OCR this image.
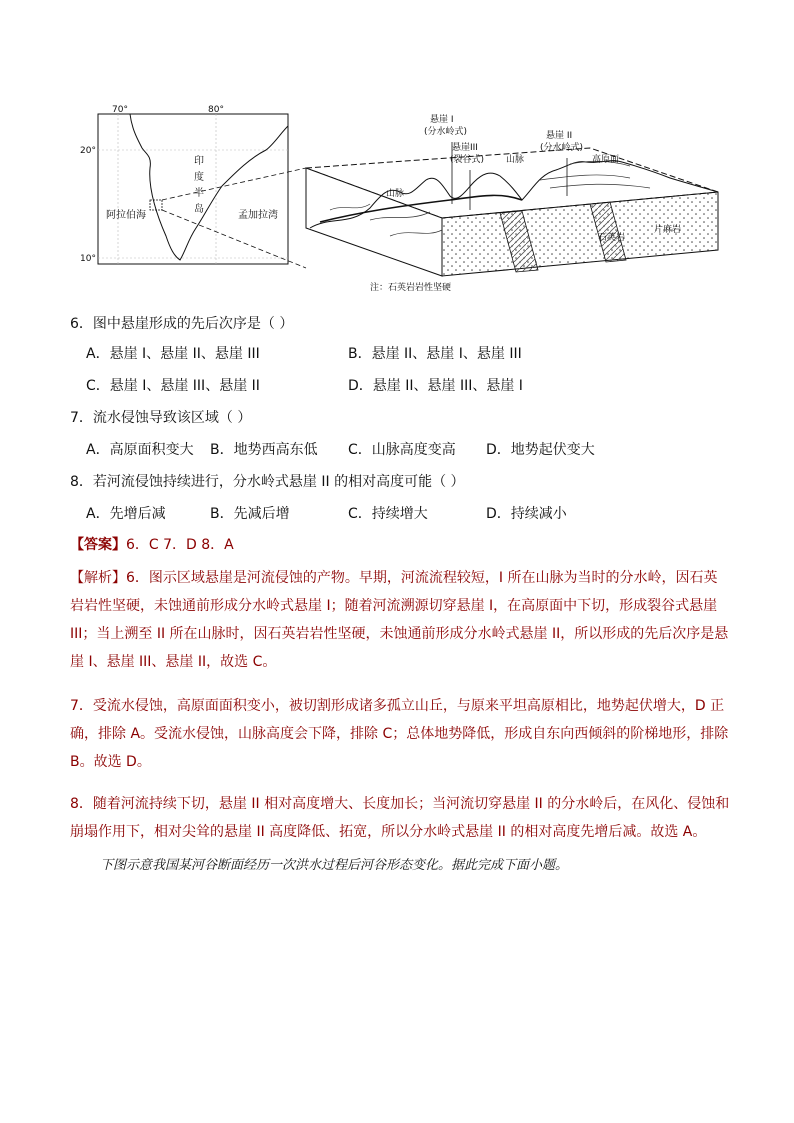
70°	80°
20°
10°
阿拉伯海	孟加拉湾
印
度
半
岛
悬崖 I
(分水岭式)
悬崖III
(裂谷式)
悬崖 II
(分水岭式)
山脉	高原面
山脉
石英岩
片麻岩
注：石英岩岩性坚硬
6．图中悬崖形成的先后次序是（ ）
A．悬崖 I、悬崖 II、悬崖 III	B．悬崖 II、悬崖 I、悬崖 III
C．悬崖 I、悬崖 III、悬崖 II	D．悬崖 II、悬崖 III、悬崖 I
7．流水侵蚀导致该区域（ ）
A．高原面积变大 B．地势西高东低 C．山脉高度变高 D．地势起伏变大
8．若河流侵蚀持续进行，分水岭式悬崖 II 的相对高度可能（ ）
A．先增后减	B．先减后增	C．持续增大	D．持续减小
【答案】6．C 7．D 8．A
【解析】6．图示区域悬崖是河流侵蚀的产物。早期，河流流程较短，I 所在山脉为当时的分水岭，因石英岩岩性坚硬，未蚀通前形成分水岭式悬崖 I；随着河流溯源切穿悬崖 I，在高原面中下切，形成裂谷式悬崖 III；当上溯至 II 所在山脉时，因石英岩岩性坚硬，未蚀通前形成分水岭式悬崖 II，所以形成的先后次序是悬崖 I、悬崖 III、悬崖 II，故选 C。
7．受流水侵蚀，高原面面积变小，被切割形成诸多孤立山丘，与原来平坦高原相比，地势起伏增大，D 正确，排除 A。受流水侵蚀，山脉高度会下降，排除 C；总体地势降低，形成自东向西倾斜的阶梯地形，排除 B。故选 D。
8．随着河流持续下切，悬崖 II 相对高度增大、长度加长；当河流切穿悬崖 II 的分水岭后，在风化、侵蚀和崩塌作用下，相对尖耸的悬崖 II 高度降低、拓宽，所以分水岭式悬崖 II 的相对高度先增后减。故选 A。
下图示意我国某河谷断面经历一次洪水过程后河谷形态变化。据此完成下面小题。
